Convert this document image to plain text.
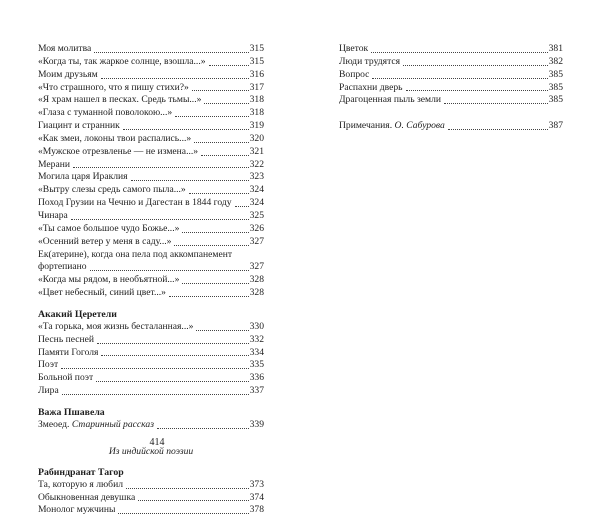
Моя молитва	315
«Когда ты, так жаркое солнце, взошла...»	315
Моим друзьям	316
«Что страшного, что я пишу стихи?»	317
«Я храм нашел в песках. Средь тьмы...»	318
«Глаза с туманной поволокою...»	318
Гиацинт и странник	319
«Как змеи, локоны твои распались...»	320
«Мужское отрезвленье — не измена...»	321
Мерани	322
Могила царя Ираклия	323
«Вытру слезы средь самого пыла...»	324
Поход Грузии на Чечню и Дагестан в 1844 году 324
Чинара	325
«Ты самое большое чудо Божье...»	326
«Осенний ветер у меня в саду...»	327
Ек(атерине), когда она пела под аккомпанемент
фортепиано	327
«Когда мы рядом, в необъятной...»	328
«Цвет небесный, синий цвет...»	328
Акакий Церетели
«Та горька, моя жизнь бесталанная...»	330
Песнь песней	332
Памяти Гоголя	334
Поэт	335
Больной поэт	336
Лира	337
Важа Пшавела
Змеоед. Старинный рассказ	339
Из индийской поэзии
Рабиндранат Тагор
Та, которую я любил	373
Обыкновенная девушка	374
Монолог мужчины	378
Цветок	381
Люди трудятся	382
Вопрос	385
Распахни дверь	385
Драгоценная пыль земли	385
Примечания. О. Сабурова	387
414
